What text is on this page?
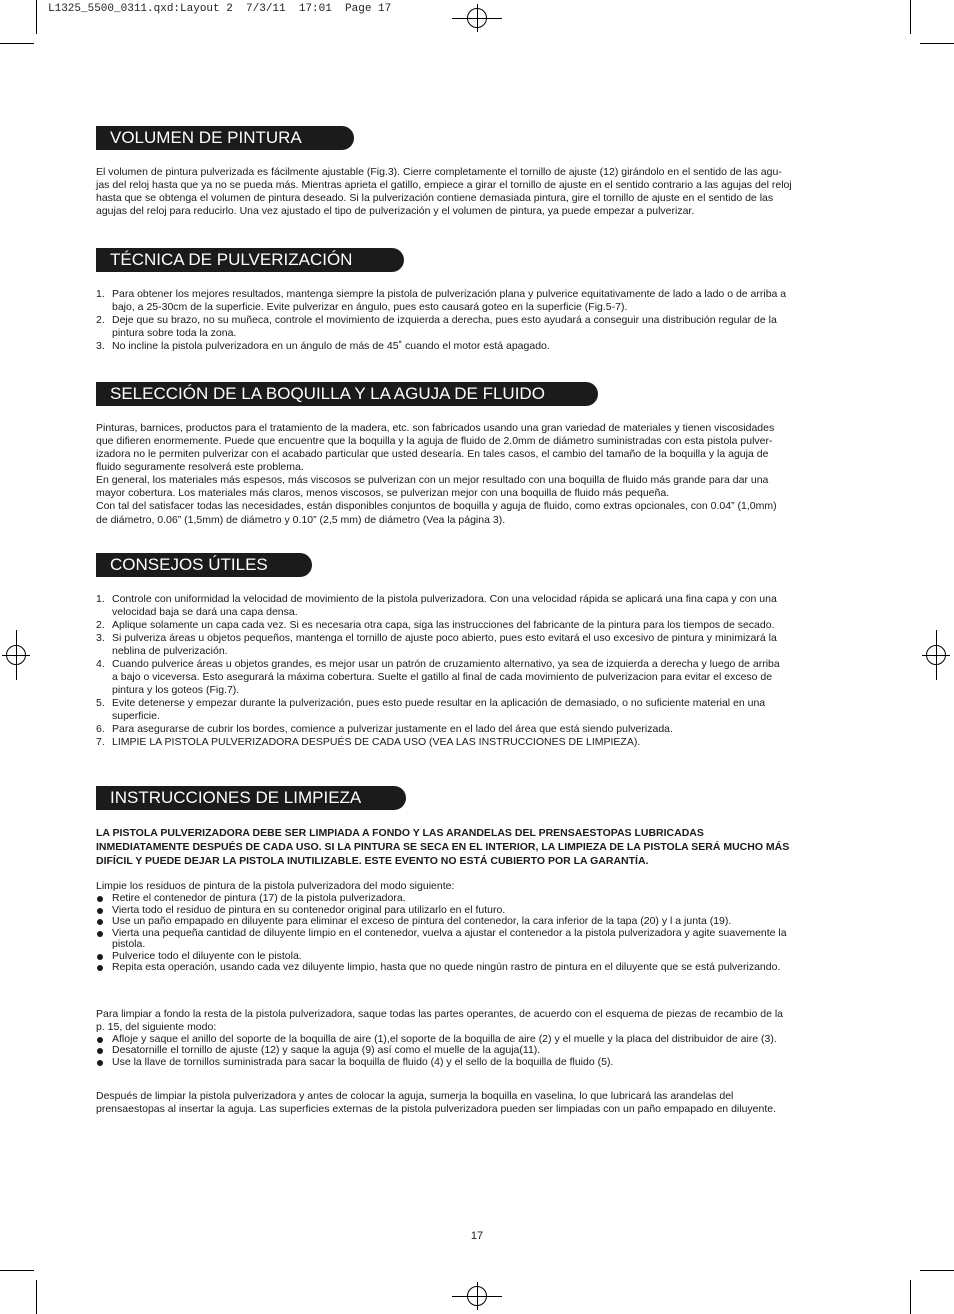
L1325_5500_0311.qxd:Layout 2  7/3/11  17:01  Page 17
VOLUMEN DE PINTURA

El volumen de pintura pulverizada es fácilmente ajustable (Fig.3). Cierre completamente el tornillo de ajuste (12) girándolo en el sentido de las agu-

jas del reloj hasta que ya no se pueda más. Mientras aprieta el gatillo, empiece a girar el tornillo de ajuste en el sentido contrario a las agujas del reloj

hasta que se obtenga el volumen de pintura deseado. Si la pulverización contiene demasiada pintura, gire el tornillo de ajuste en el sentido de las

agujas del reloj para reducirlo. Una vez ajustado el tipo de pulverización y el volumen de pintura, ya puede empezar a pulverizar.

TÉCNICA DE PULVERIZACIÓN
1. Para obtener los mejores resultados, mantenga siempre la pistola de pulverización plana y pulverice equitativamente de lado a lado o de arriba a
bajo, a 25-30cm de la superficie. Evite pulverizar en ángulo, pues esto causará goteo en la superficie (Fig.5-7).
2. Deje que su brazo, no su muñeca, controle el movimiento de izquierda a derecha, pues esto ayudará a conseguir una distribución regular de la
pintura sobre toda la zona.
3. No incline la pistola pulverizadora en un ángulo de más de 45˚ cuando el motor está apagado.
SELECCIÓN DE LA BOQUILLA Y LA AGUJA DE FLUIDO

Pinturas, barnices, productos para el tratamiento de la madera, etc. son fabricados usando una gran variedad de materiales y tienen viscosidades

que difieren enormemente. Puede que encuentre que la boquilla y la aguja de fluido de 2.0mm de diámetro suministradas con esta pistola pulver-

izadora no le permiten pulverizar con el acabado particular que usted desearía. En tales casos, el cambio del tamaño de la boquilla y la aguja de

fluido seguramente resolverá este problema.

En general, los materiales más espesos, más viscosos se pulverizan con un mejor resultado con una boquilla de fluido más grande para dar una

mayor cobertura. Los materiales más claros, menos viscosos, se pulverizan mejor con una boquilla de fluido más pequeña.

Con tal del satisfacer todas las necesidades, están disponibles conjuntos de boquilla y aguja de fluido, como extras opcionales, con 0.04” (1,0mm)

de diámetro, 0.06” (1,5mm) de diámetro y 0.10” (2,5 mm) de diámetro (Vea la página 3).

CONSEJOS ÚTILES
1. Controle con uniformidad la velocidad de movimiento de la pistola pulverizadora. Con una velocidad rápida se aplicará una fina capa y con una
velocidad baja se dará una capa densa.
2. Aplique solamente un capa cada vez. Si es necesaria otra capa, siga las instrucciones del fabricante de la pintura para los tiempos de secado.
3. Si pulveriza áreas u objetos pequeños, mantenga el tornillo de ajuste poco abierto, pues esto evitará el uso excesivo de pintura y minimizará la
neblina de pulverización.
4. Cuando pulverice áreas u objetos grandes, es mejor usar un patrón de cruzamiento alternativo, ya sea de izquierda a derecha y luego de arriba
a bajo o viceversa. Esto asegurará la máxima cobertura. Suelte el gatillo al final de cada movimiento de pulverizacion para evitar el exceso de
pintura y los goteos (Fig.7).
5. Evite detenerse y empezar durante la pulverización, pues esto puede resultar en la aplicación de demasiado, o no suficiente material en una
superficie.
6. Para asegurarse de cubrir los bordes, comience a pulverizar justamente en el lado del área que está siendo pulverizada.
7. LIMPIE LA PISTOLA PULVERIZADORA DESPUÉS DE CADA USO (VEA LAS INSTRUCCIONES DE LIMPIEZA).
INSTRUCCIONES DE LIMPIEZA
LA PISTOLA PULVERIZADORA DEBE SER LIMPIADA A FONDO Y LAS ARANDELAS DEL PRENSAESTOPAS LUBRICADAS
INMEDIATAMENTE DESPUÉS DE CADA USO. SI LA PINTURA SE SECA EN EL INTERIOR, LA LIMPIEZA DE LA PISTOLA SERÁ MUCHO MÁS
DIFÍCIL Y PUEDE DEJAR LA PISTOLA INUTILIZABLE. ESTE EVENTO NO ESTÁ CUBIERTO POR LA GARANTÍA.

Limpie los residuos de pintura de la pistola pulverizadora del modo siguiente:

Retire el contenedor de pintura (17) de la pistola pulverizadora.
Vierta todo el residuo de pintura en su contenedor original para utilizarlo en el futuro.
Use un paño empapado en diluyente para eliminar el exceso de pintura del contenedor, la cara inferior de la tapa (20) y l a junta (19).
Vierta una pequeña cantidad de diluyente limpio en el contenedor, vuelva a ajustar el contenedor a la pistola pulverizadora y agite suavemente la
pistola.
Pulverice todo el diluyente con le pistola.
Repita esta operación, usando cada vez diluyente limpio, hasta que no quede ningún rastro de pintura en el diluyente que se está pulverizando.

Para limpiar a fondo la resta de la pistola pulverizadora, saque todas las partes operantes, de acuerdo con el esquema de piezas de recambio de la

p. 15, del siguiente modo:

Afloje y saque el anillo del soporte de la boquilla de aire (1),el soporte de la boquilla de aire (2) y el muelle y la placa del distribuidor de aire (3).
Desatornille el tornillo de ajuste (12) y saque la aguja (9) así como el muelle de la aguja(11).
Use la llave de tornillos suministrada para sacar la boquilla de fluido (4) y el sello de la boquilla de fluido (5).

Después de limpiar la pistola pulverizadora y antes de colocar la aguja, sumerja la boquilla en vaselina, lo que lubricará las arandelas del

prensaestopas al insertar la aguja. Las superficies externas de la pistola pulverizadora pueden ser limpiadas con un paño empapado en diluyente.

17
